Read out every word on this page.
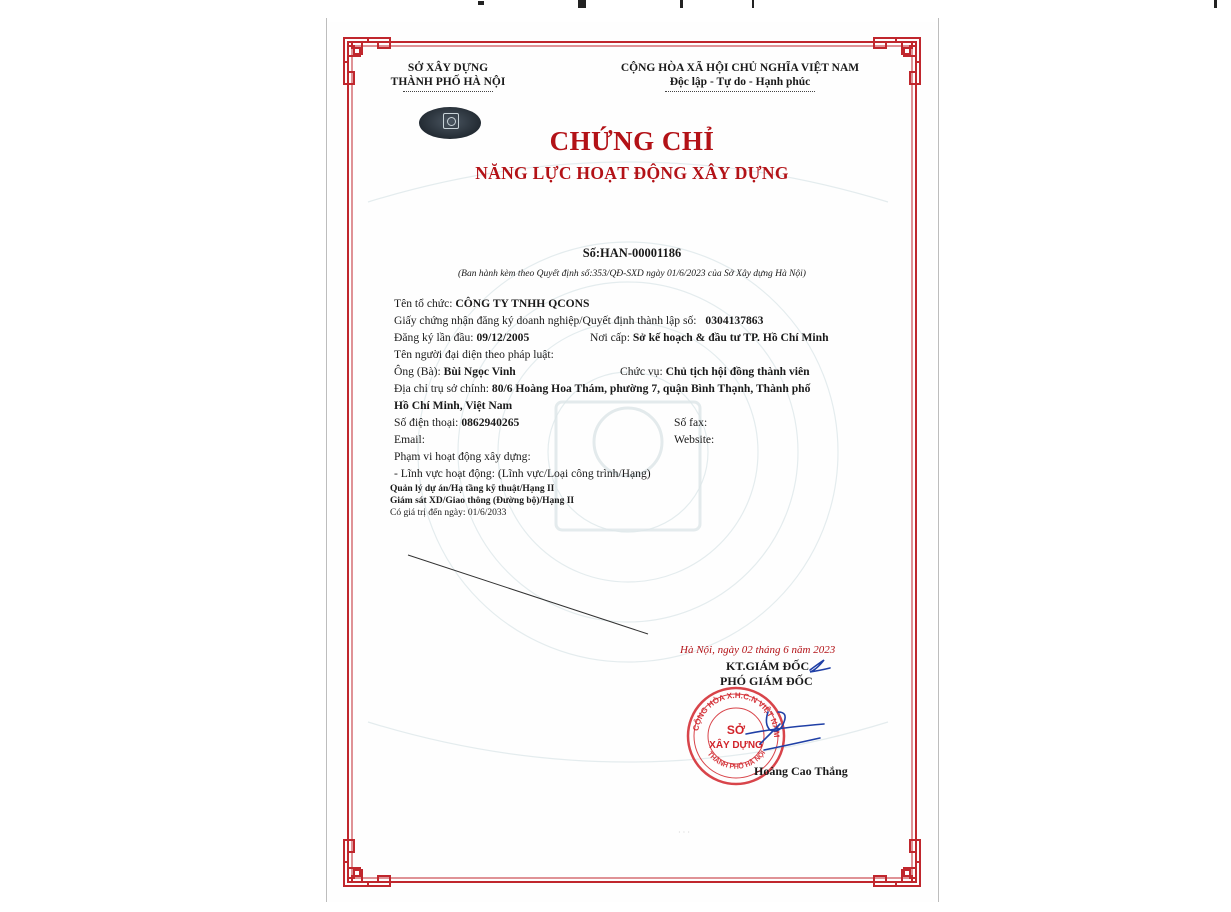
SỞ XÂY DỰNG
THÀNH PHỐ HÀ NỘI
CỘNG HÒA XÃ HỘI CHỦ NGHĨA VIỆT NAM
Độc lập - Tự do - Hạnh phúc
CHỨNG CHỈ
NĂNG LỰC HOẠT ĐỘNG XÂY DỰNG
Số:HAN-00001186
(Ban hành kèm theo Quyết định số:353/QĐ-SXD ngày 01/6/2023 của Sở Xây dựng Hà Nội)
Tên tổ chức: CÔNG TY TNHH QCONS
Giấy chứng nhận đăng ký doanh nghiệp/Quyết định thành lập số: 0304137863
Đăng ký lần đầu: 09/12/2005	Nơi cấp: Sở kế hoạch & đầu tư TP. Hồ Chí Minh
Tên người đại diện theo pháp luật:
Ông (Bà): Bùi Ngọc Vinh	Chức vụ: Chủ tịch hội đồng thành viên
Địa chỉ trụ sở chính: 80/6 Hoàng Hoa Thám, phường 7, quận Bình Thạnh, Thành phố
Hồ Chí Minh, Việt Nam
Số điện thoại: 0862940265	Số fax:
Email:	Website:
Phạm vi hoạt động xây dựng:
- Lĩnh vực hoạt động: (Lĩnh vực/Loại công trình/Hạng)
Quản lý dự án/Hạ tầng kỹ thuật/Hạng II
Giám sát XD/Giao thông (Đường bộ)/Hạng II
Có giá trị đến ngày: 01/6/2033
Hà Nội, ngày 02 tháng 6 năm 2023
KT.GIÁM ĐỐC
PHÓ GIÁM ĐỐC
CỘNG HÒA X.H.C.N VIỆT NAM
THÀNH PHỐ HÀ NỘI
SỞ
XÂY DỰNG
Hoàng Cao Thắng
· · ·
